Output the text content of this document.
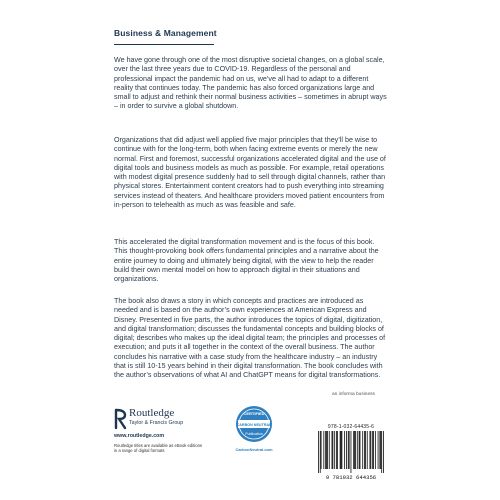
Business & Management

We have gone through one of the most disruptive societal changes, on a global scale, over the last three years due to COVID-19. Regardless of the personal and professional impact the pandemic had on us, we’ve all had to adapt to a different reality that continues today. The pandemic has also forced organizations large and small to adjust and rethink their normal business activities – sometimes in abrupt ways – in order to survive a global shutdown.

Organizations that did adjust well applied five major principles that they’ll be wise to continue with for the long-term, both when facing extreme events or merely the new normal. First and foremost, successful organizations accelerated digital and the use of digital tools and business models as much as possible. For example, retail operations with modest digital presence suddenly had to sell through digital channels, rather than physical stores. Entertainment content creators had to push everything into streaming services instead of theaters. And healthcare providers moved patient encounters from in-person to telehealth as much as was feasible and safe.

This accelerated the digital transformation movement and is the focus of this book. This thought-provoking book offers fundamental principles and a narrative about the entire journey to doing and ultimately being digital, with the view to help the reader build their own mental model on how to approach digital in their situations and organizations.

The book also draws a story in which concepts and practices are introduced as needed and is based on the author’s own experiences at American Express and Disney. Presented in five parts, the author introduces the topics of digital, digitization, and digital transformation; discusses the fundamental concepts and building blocks of digital; describes who makes up the ideal digital team; the principles and processes of execution; and puts it all together in the context of the overall business. The author concludes his narrative with a case study from the healthcare industry – an industry that is still 10-15 years behind in their digital transformation. The book concludes with the author’s observations of what AI and ChatGPT means for digital transformations.

an informa business
Routledge
Taylor & Francis Group
www.routledge.com
Routledge titles are available as eBook editions in a range of digital formats
CERTIFIED
CARBON NEUTRAL
Publication
CarbonNeutral.com
978-1-032-64435-6
9 781032 644356
